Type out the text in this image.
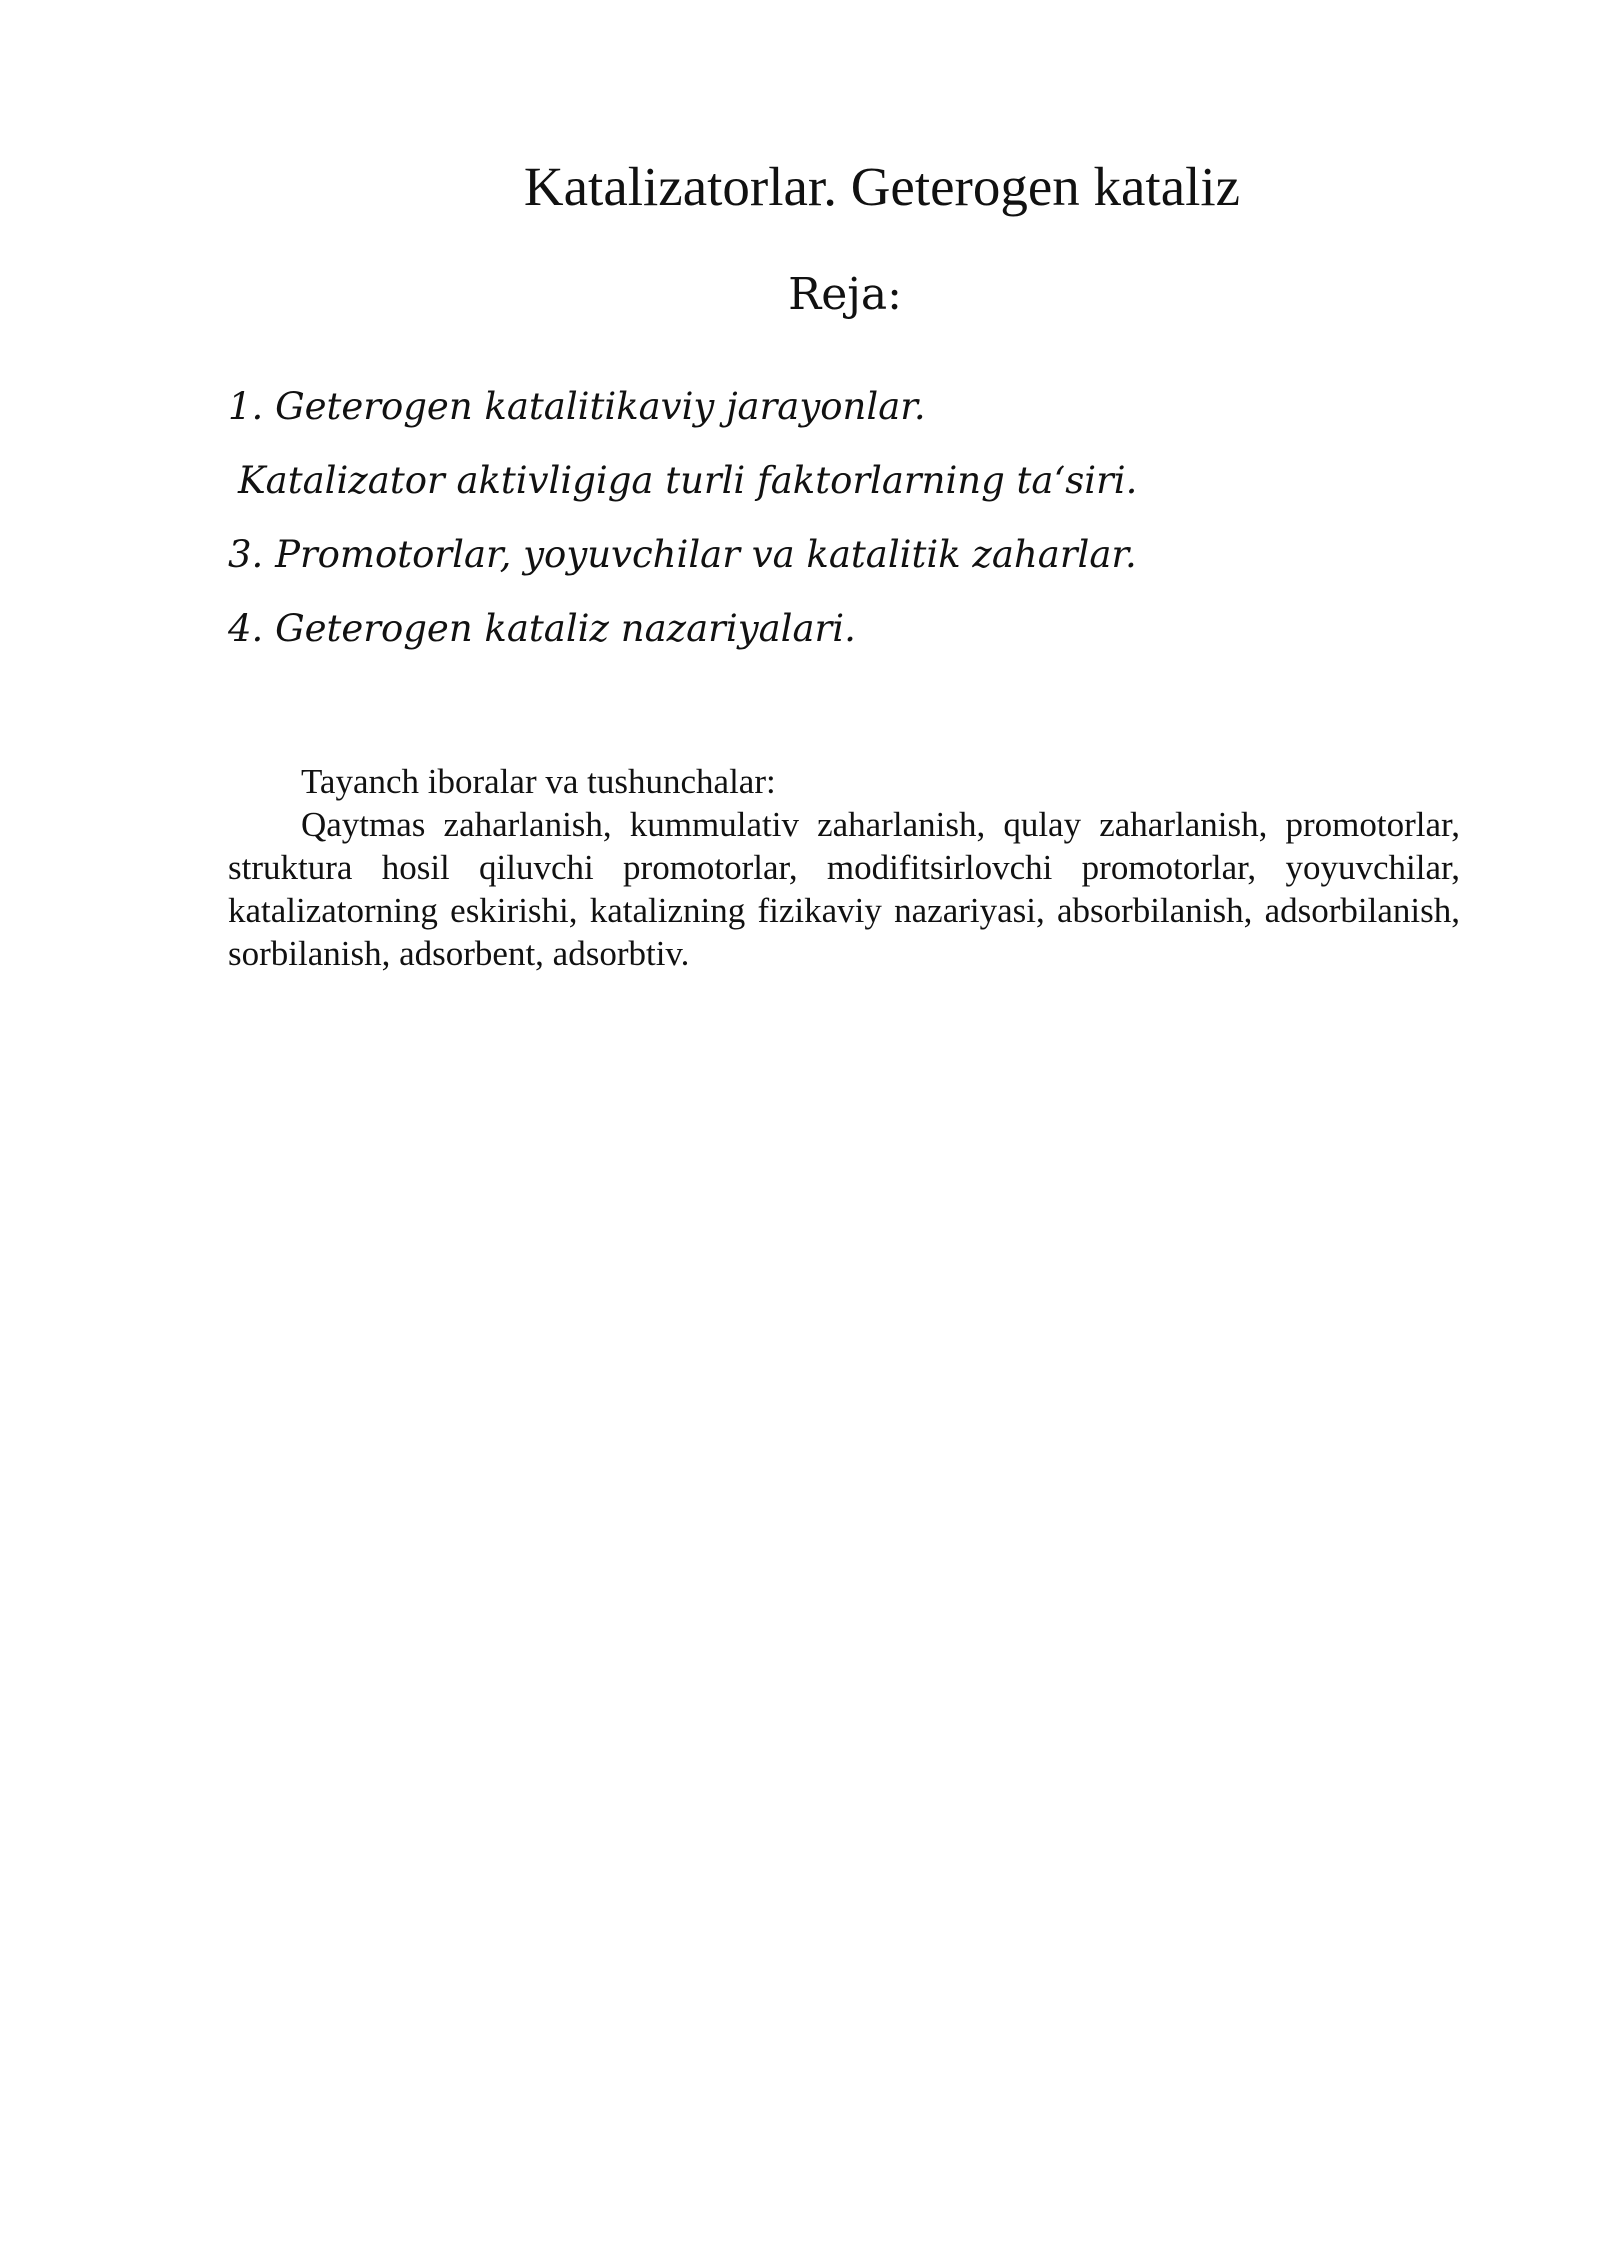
Katalizatorlar. Geterogen kataliz
Reja:
1. Geterogen katalitikaviy jarayonlar.
Katalizator aktivligiga turli faktorlarning ta‘siri.
3. Promotorlar, yoyuvchilar va katalitik zaharlar.
4. Geterogen kataliz nazariyalari.

Tayanch iboralar va tushunchalar:

Qaytmas zaharlanish, kummulativ zaharlanish, qulay zaharlanish, promotorlar, struktura hosil qiluvchi promotorlar, modifitsirlovchi promotorlar, yoyuvchilar, katalizatorning eskirishi, katalizning fizikaviy nazariyasi, absorbilanish, adsorbilanish, sorbilanish, adsorbent, adsorbtiv.
